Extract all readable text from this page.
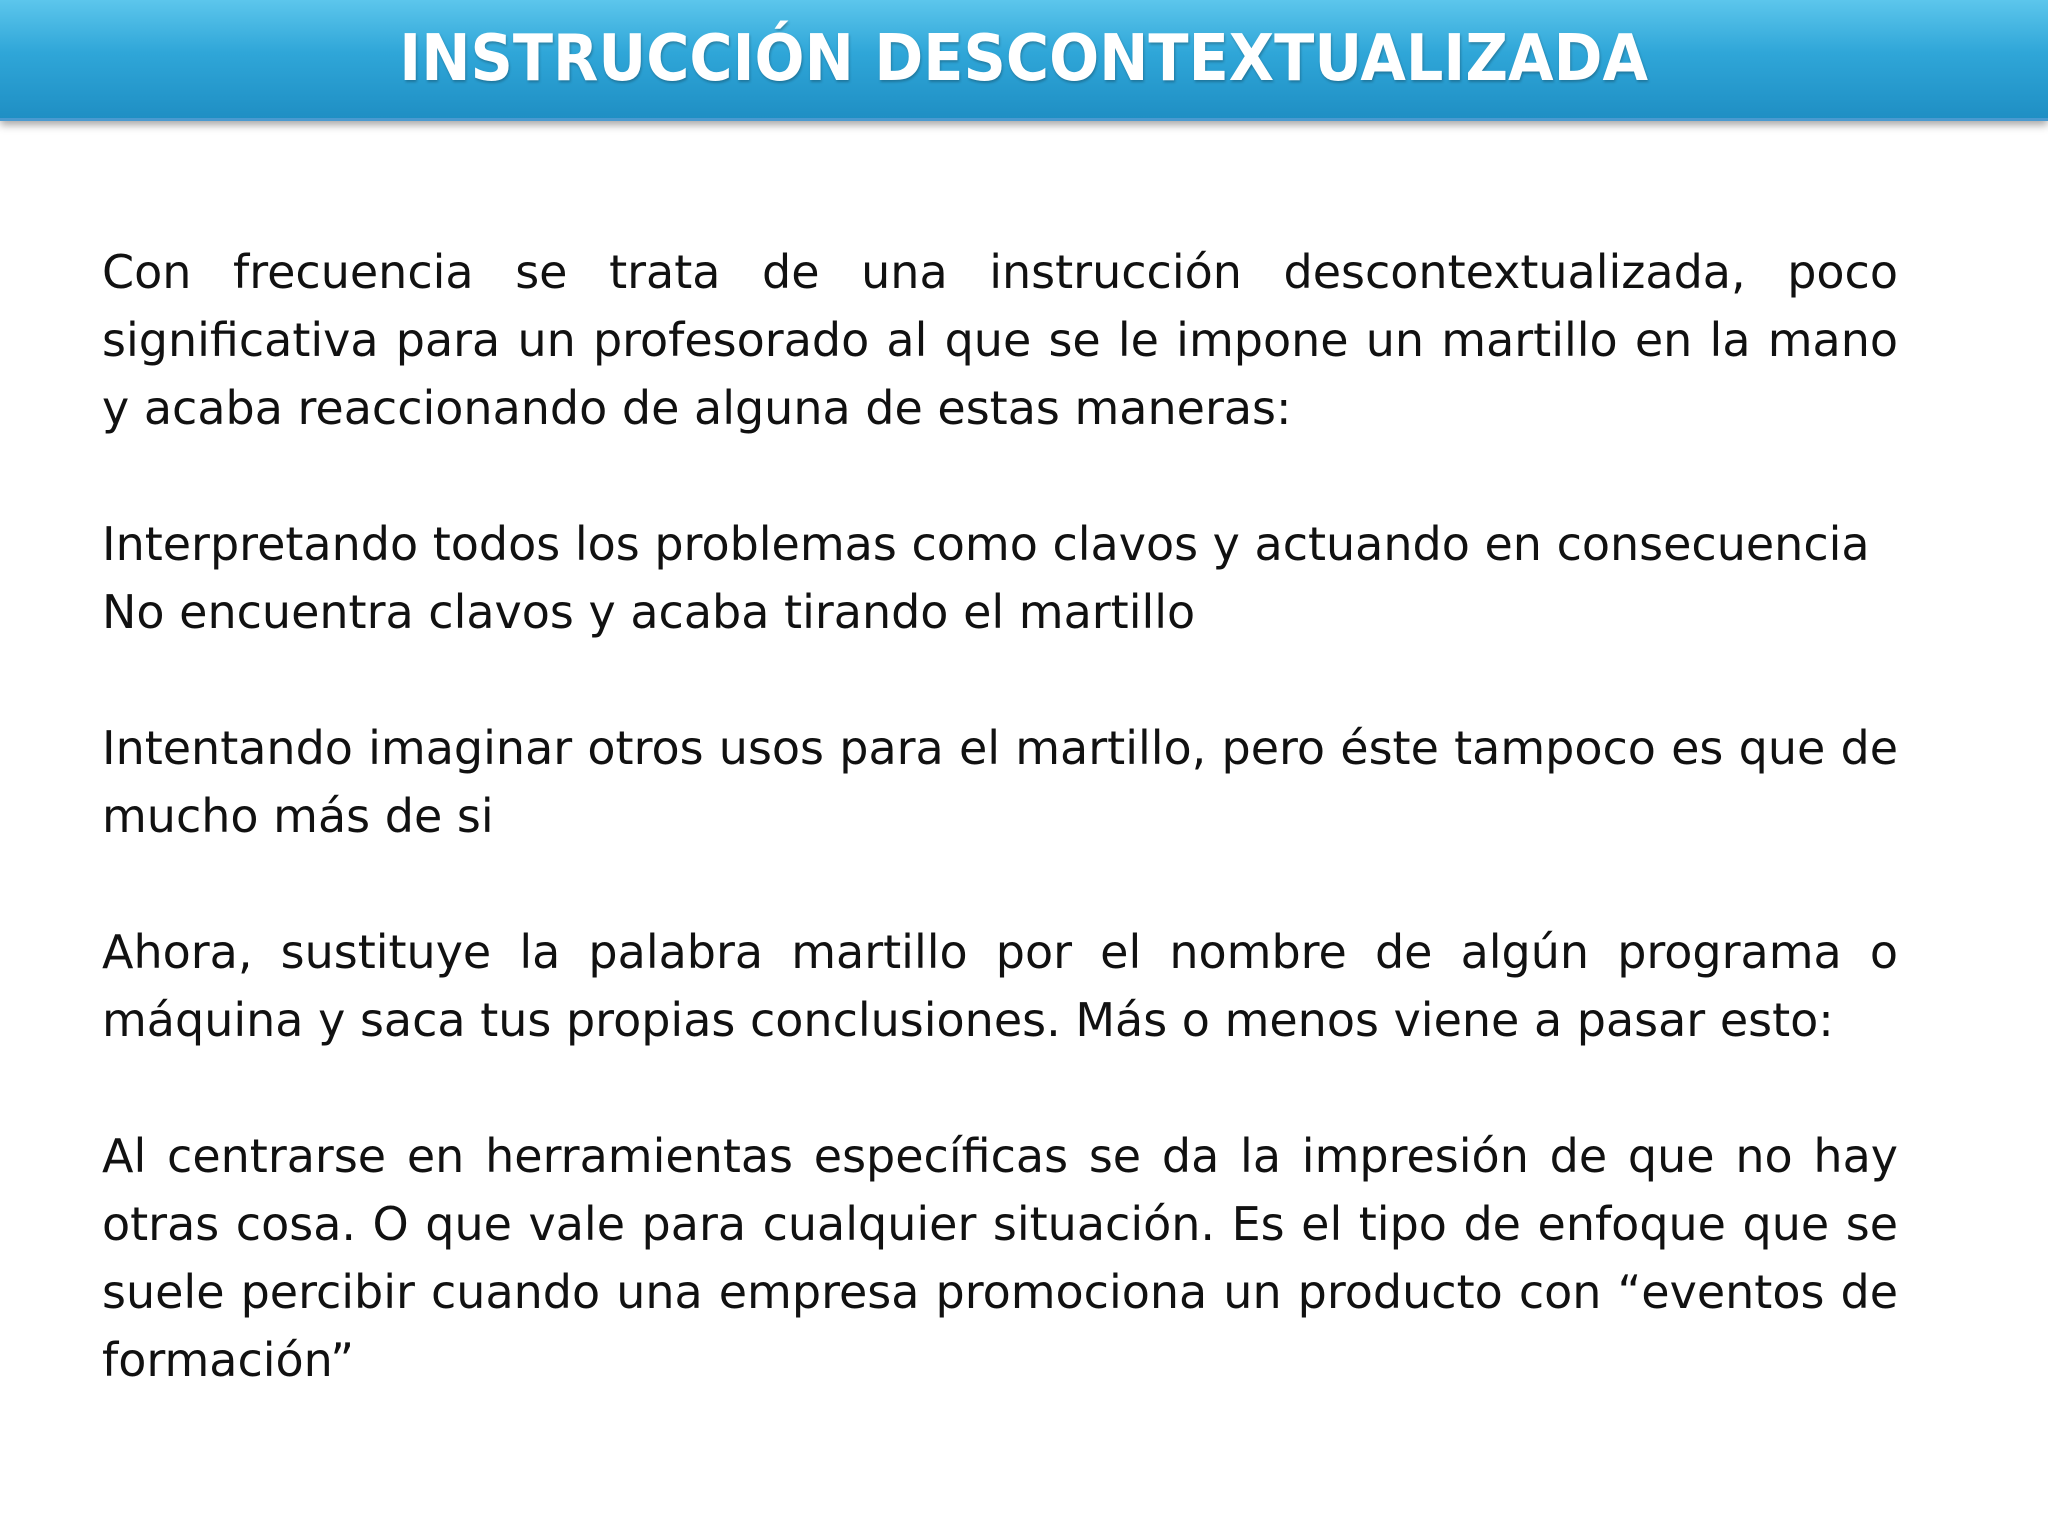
INSTRUCCIÓN DESCONTEXTUALIZADA

Con frecuencia se trata de una instrucción descontextualizada, poco significativa para un profesorado al que se le impone un martillo en la mano y acaba reaccionando de alguna de estas maneras:

Interpretando todos los problemas como clavos y actuando en consecuencia

No encuentra clavos y acaba tirando el martillo

Intentando imaginar otros usos para el martillo, pero éste tampoco es que de mucho más de si

Ahora, sustituye la palabra martillo por el nombre de algún programa o máquina y saca tus propias conclusiones. Más o menos viene a pasar esto:

Al centrarse en herramientas específicas se da la impresión de que no hay otras cosa. O que vale para cualquier situación. Es el tipo de enfoque que se suele percibir cuando una empresa promociona un producto con “eventos de formación”
